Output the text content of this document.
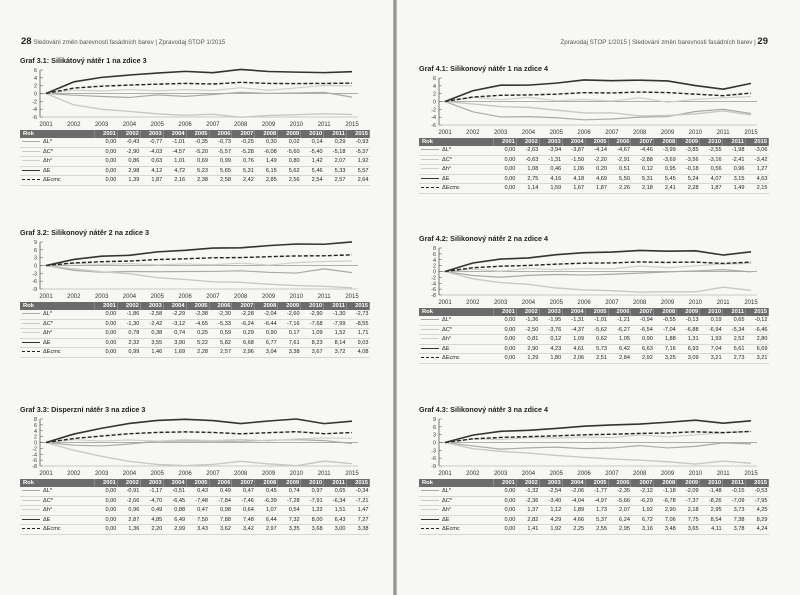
28 Sledování změn barevnosti fasádních barev | Zpravodaj STOP 1/2015
Graf 3.1: Silikátový nátěr 1 na zdice 3
6
4
2
0
-2
-4
-6
2001 2002 2003 2004 2005 2006 2007 2008 2009 2010 2011 2015
Rok	2001	2002	2003	2004	2005	2006	2007	2008	2009	2010	2011	2015
ΔL*	0,00	-0,43	-0,77	-1,01	-0,35	-0,73	-0,25	0,30	0,02	0,14	0,29	-0,93
ΔC*	0,00	-2,90	-4,03	-4,57	-5,20	-5,57	-5,28	-6,08	-5,60	-5,40	-5,18	-5,37
Δh°	0,00	0,86	0,63	1,01	0,69	0,99	0,76	1,49	0,80	1,42	2,07	1,92
ΔE	0,00	2,98	4,12	4,72	5,23	5,65	5,31	6,15	5,62	5,46	5,33	5,57
ΔEcmc	0,00	1,39	1,87	2,16	2,38	2,58	2,42	2,85	2,56	2,54	2,57	2,64
Graf 3.2: Silikonový nátěr 2 na zdice 3
9
6
3
0
-3
-6
-9
2001 2002 2003 2004 2005 2006 2007 2008 2009 2010 2011 2015
Rok	2001	2002	2003	2004	2005	2006	2007	2008	2009	2010	2011	2015
ΔL*	0,00	-1,86	-2,58	-2,29	-2,38	-2,30	-2,28	-2,04	-2,60	-2,90	-1,30	-2,73
ΔC*	0,00	-1,30	-2,42	-3,12	-4,65	-5,33	-6,24	-6,44	-7,16	-7,68	-7,99	-8,55
Δh°	0,00	0,78	0,38	0,74	0,25	0,59	0,29	0,90	0,17	1,09	1,52	1,71
ΔE	0,00	2,32	3,55	3,90	5,22	5,82	6,68	6,77	7,61	8,23	8,14	9,03
ΔEcmc	0,00	0,99	1,46	1,69	2,28	2,57	2,96	3,04	3,38	3,67	3,72	4,08
Graf 3.3: Disperzní nátěr 3 na zdice 3
8
6
4
2
0
-2
-4
-6
-8
2001 2002 2003 2004 2005 2006 2007 2008 2009 2010 2011 2015
Rok	2001	2002	2003	2004	2005	2006	2007	2008	2009	2010	2011	2015
ΔL*	0,00	-0,91	-1,17	-0,51	0,43	0,49	0,47	0,45	0,74	0,97	0,65	-0,34
ΔC*	0,00	-2,66	-4,70	-6,45	-7,48	-7,84	-7,46	-6,39	-7,28	-7,91	-6,34	-7,21
Δh°	0,00	0,96	0,49	0,88	0,47	0,98	0,64	1,07	0,54	1,22	1,51	1,47
ΔE	0,00	2,87	4,85	6,49	7,50	7,88	7,48	6,44	7,32	8,00	6,43	7,27
ΔEcmc	0,00	1,36	2,20	2,99	3,43	3,62	3,42	2,97	3,35	3,68	3,00	3,38
Zpravodaj STOP 1/2015 | Sledování změn barevnosti fasádních barev | 29
Graf 4.1: Silikonový nátěr 1 na zdice 4
6
4
2
0
-2
-4
-6
2001 2002 2003 2004 2005 2006 2007 2008 2009 2010 2011 2015
Rok	2001	2002	2003	2004	2005	2006	2007	2008	2009	2010	2011	2015
ΔL*	0,00	-2,63	-3,94	-3,87	-4,14	-4,67	-4,46	-3,99	-3,85	-2,55	-1,98	-3,06
ΔC*	0,00	-0,63	-1,31	-1,50	-2,20	-2,91	-2,88	-3,69	-3,56	-3,16	-2,41	-3,42
Δh°	0,00	1,08	0,46	1,06	0,20	0,51	0,12	0,95	-0,18	0,56	0,96	1,27
ΔE	0,00	2,75	4,16	4,18	4,69	5,50	5,31	5,45	5,24	4,07	3,15	4,63
ΔEcmc	0,00	1,14	1,59	1,67	1,87	2,26	2,18	2,41	2,28	1,87	1,49	2,15
Graf 4.2: Silikonový nátěr 2 na zdice 4
8
6
4
2
0
-2
-4
-6
-8
2001 2002 2003 2004 2005 2006 2007 2008 2009 2010 2011 2015
Rok	2001	2002	2003	2004	2005	2006	2007	2008	2009	2010	2011	2015
ΔL*	0,00	-1,36	-1,95	-1,31	-1,01	-1,21	-0,94	-0,55	-0,13	0,19	0,65	-0,12
ΔC*	0,00	-2,50	-3,76	-4,37	-5,62	-6,27	-6,54	-7,04	-6,88	-6,94	-5,34	-6,46
Δh°	0,00	0,81	0,12	1,09	0,62	1,05	0,90	1,88	1,31	1,93	2,52	2,80
ΔE	0,00	2,90	4,23	4,61	5,73	6,42	6,63	7,16	6,93	7,04	5,61	6,69
ΔEcmc	0,00	1,29	1,80	2,06	2,51	2,84	2,92	3,25	3,09	3,21	2,73	3,21
Graf 4.3: Silikonový nátěr 3 na zdice 4
9
6
3
0
-3
-6
-9
2001 2002 2003 2004 2005 2006 2007 2008 2009 2010 2011 2015
Rok	2001	2002	2003	2004	2005	2006	2007	2008	2009	2010	2011	2015
ΔL*	0,00	-1,32	-2,54	-2,06	-1,77	-2,35	-2,12	-1,18	-2,09	-1,48	-0,15	-0,53
ΔC*	0,00	-2,36	-3,40	-4,04	-4,97	-5,66	-6,29	-6,78	-7,37	-8,26	-7,09	-7,95
Δh°	0,00	1,37	1,12	1,89	1,73	2,07	1,92	2,90	2,18	2,95	3,73	4,25
ΔE	0,00	2,82	4,29	4,66	5,37	6,24	6,72	7,06	7,75	8,54	7,38	8,29
ΔEcmc	0,00	1,41	1,92	2,25	2,55	2,95	3,16	3,48	3,65	4,11	3,78	4,24
